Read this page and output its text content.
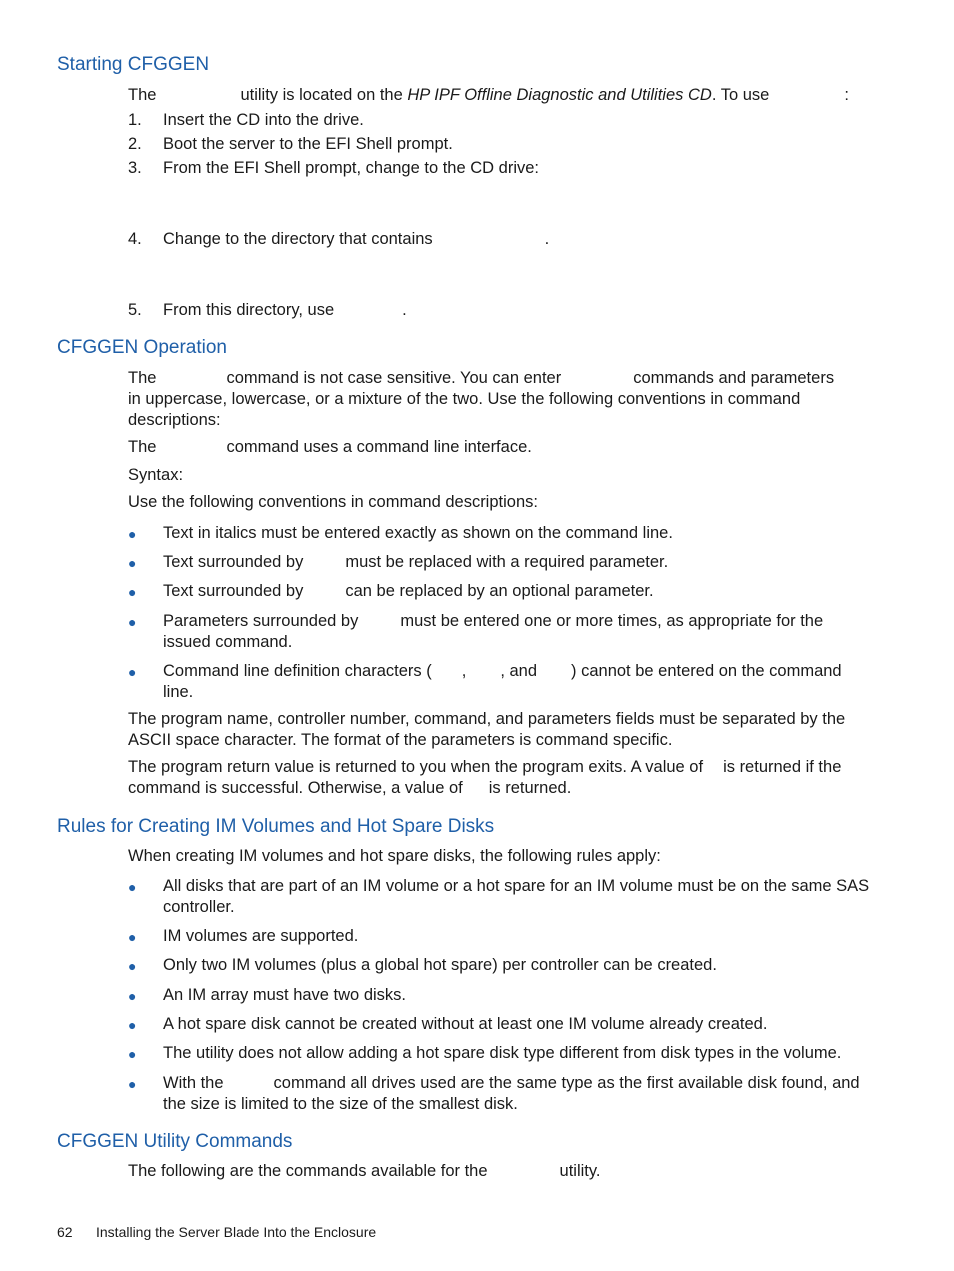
Starting CFGGEN

The	utility is located on the HP IPF Offline Diagnostic and Utilities CD. To use	:

1. Insert the CD into the drive.
2. Boot the server to the EFI Shell prompt.
3. From the EFI Shell prompt, change to the CD drive:
4. Change to the directory that contains	.
5. From this directory, use	.
CFGGEN Operation

The	command is not case sensitive. You can enter	commands and parameters

in uppercase, lowercase, or a mixture of the two. Use the following conventions in command descriptions:

The	command uses a command line interface.

Syntax:

Use the following conventions in command descriptions:

● Text in italics must be entered exactly as shown on the command line.
● Text surrounded by	must be replaced with a required parameter.
● Text surrounded by	can be replaced by an optional parameter.
● Parameters surrounded by	must be entered one or more times, as appropriate for the issued command.
● Command line definition characters ( , , and ) cannot be entered on the command line.

The program name, controller number, command, and parameters fields must be separated by the ASCII space character. The format of the parameters is command specific.

The program return value is returned to you when the program exits. A value of is returned if the command is successful. Otherwise, a value of is returned.

Rules for Creating IM Volumes and Hot Spare Disks

When creating IM volumes and hot spare disks, the following rules apply:

● All disks that are part of an IM volume or a hot spare for an IM volume must be on the same SAS controller.
● IM volumes are supported.
● Only two IM volumes (plus a global hot spare) per controller can be created.
● An IM array must have two disks.
● A hot spare disk cannot be created without at least one IM volume already created.
● The utility does not allow adding a hot spare disk type different from disk types in the volume.
● With the	command all drives used are the same type as the first available disk found, and the size is limited to the size of the smallest disk.
CFGGEN Utility Commands

The following are the commands available for the	utility.

62 Installing the Server Blade Into the Enclosure
